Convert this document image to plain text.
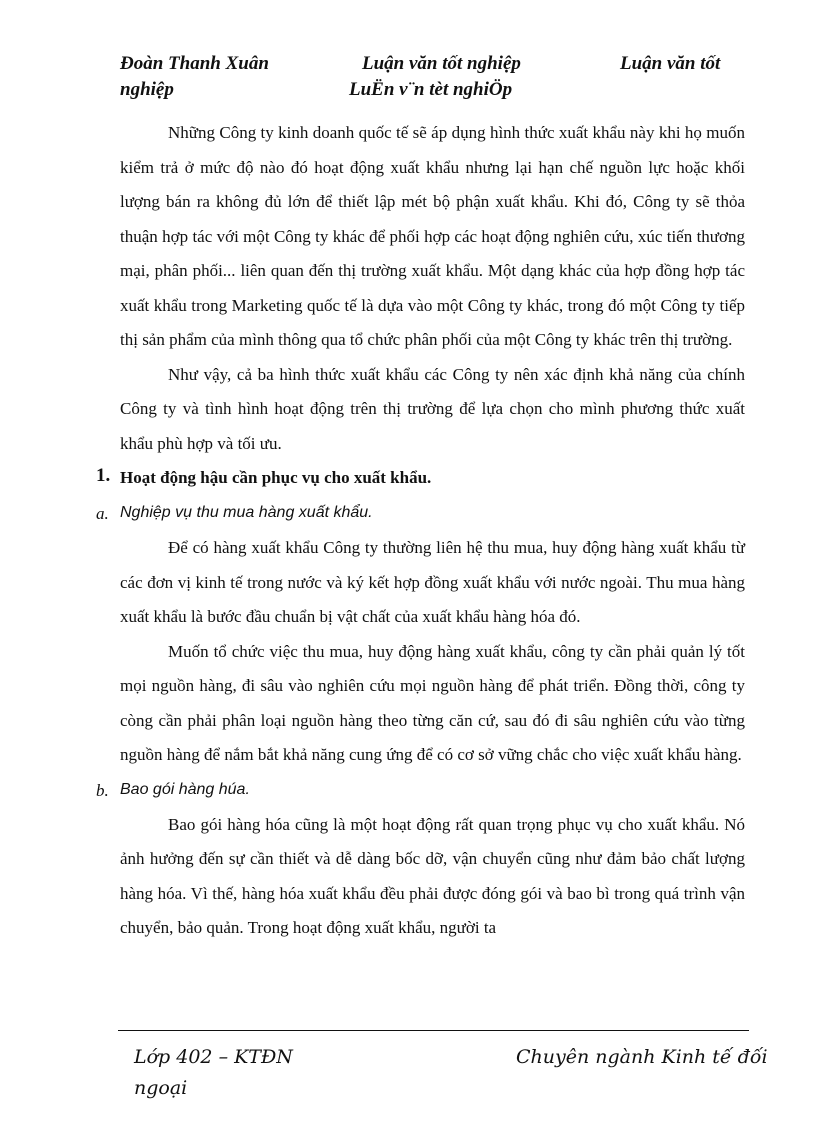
Đoàn Thanh Xuân	Luận văn tốt nghiệp	Luận văn tốt
nghiệp	LuËn v¨n tèt nghiÖp

Những Công ty kinh doanh quốc tế sẽ áp dụng hình thức xuất khẩu này khi họ muốn kiểm trả ở mức độ nào đó hoạt động xuất khẩu nhưng lại hạn chế nguồn lực hoặc khối lượng bán ra không đủ lớn để thiết lập mét bộ phận xuất khẩu. Khi đó, Công ty sẽ thỏa thuận hợp tác với một Công ty khác để phối hợp các hoạt động nghiên cứu, xúc tiến thương mại, phân phối... liên quan đến thị trường xuất khẩu. Một dạng khác của hợp đồng hợp tác xuất khẩu trong Marketing quốc tế là dựa vào một Công ty khác, trong đó một Công ty tiếp thị sản phẩm của mình thông qua tổ chức phân phối của một Công ty khác trên thị trường.

Như vậy, cả ba hình thức xuất khẩu các Công ty nên xác định khả năng của chính Công ty và tình hình hoạt động trên thị trường để lựa chọn cho mình phương thức xuất khẩu phù hợp và tối ưu.

1. Hoạt động hậu cần phục vụ cho xuất khẩu.
a. Nghiệp vụ thu mua hàng xuất khẩu.

Để có hàng xuất khẩu Công ty thường liên hệ thu mua, huy động hàng xuất khẩu từ các đơn vị kinh tế trong nước và ký kết hợp đồng xuất khẩu với nước ngoài. Thu mua hàng xuất khẩu là bước đầu chuẩn bị vật chất của xuất khẩu hàng hóa đó.

Muốn tổ chức việc thu mua, huy động hàng xuất khẩu, công ty cần phải quản lý tốt mọi nguồn hàng, đi sâu vào nghiên cứu mọi nguồn hàng để phát triển. Đồng thời, công ty còng cần phải phân loại nguồn hàng theo từng căn cứ, sau đó đi sâu nghiên cứu vào từng nguồn hàng để nắm bắt khả năng cung ứng để có cơ sở vững chắc cho việc xuất khẩu hàng.

b. Bao gói hàng húa.

Bao gói hàng hóa cũng là một hoạt động rất quan trọng phục vụ cho xuất khẩu. Nó ảnh hưởng đến sự cần thiết và dễ dàng bốc dỡ, vận chuyển cũng như đảm bảo chất lượng hàng hóa. Vì thế, hàng hóa xuất khẩu đều phải được đóng gói và bao bì trong quá trình vận chuyển, bảo quản. Trong hoạt động xuất khẩu, người ta

Lớp 402 – KTĐN
ngoại
Chuyên ngành Kinh tế đối
